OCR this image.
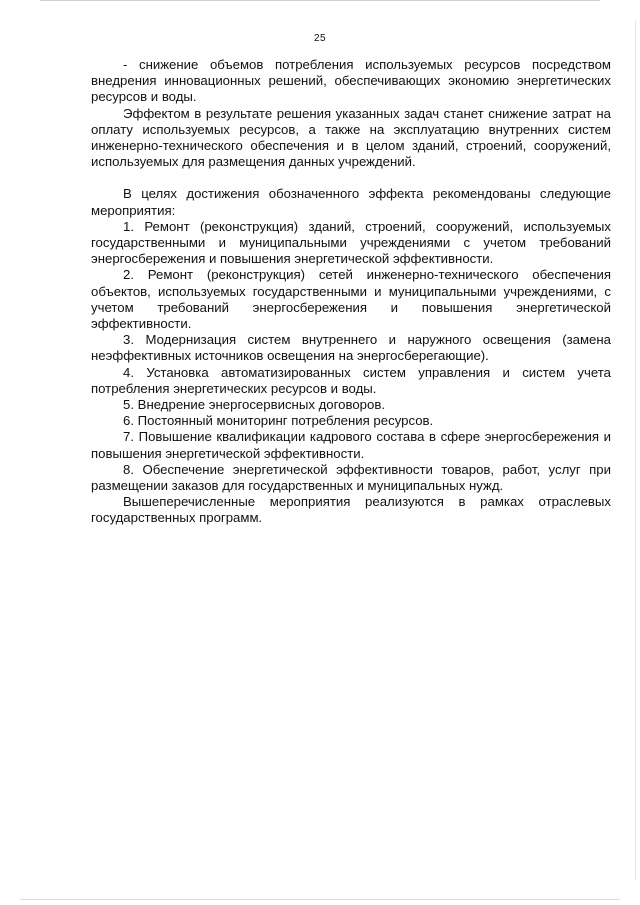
25

- снижение объемов потребления используемых ресурсов посредством внедрения инновационных решений, обеспечивающих экономию энергетических ресурсов и воды.

Эффектом в результате решения указанных задач станет снижение затрат на оплату используемых ресурсов, а также на эксплуатацию внутренних систем инженерно-технического обеспечения и в целом зданий, строений, сооружений, используемых для размещения данных учреждений.

В целях достижения обозначенного эффекта рекомендованы следующие мероприятия:

1. Ремонт (реконструкция) зданий, строений, сооружений, используемых государственными и муниципальными учреждениями с учетом требований энергосбережения и повышения энергетической эффективности.

2. Ремонт (реконструкция) сетей инженерно-технического обеспечения объектов, используемых государственными и муниципальными учреждениями, с учетом требований энергосбережения и повышения энергетической эффективности.

3. Модернизация систем внутреннего и наружного освещения (замена неэффективных источников освещения на энергосберегающие).

4. Установка автоматизированных систем управления и систем учета потребления энергетических ресурсов и воды.

5. Внедрение энергосервисных договоров.

6. Постоянный мониторинг потребления ресурсов.

7. Повышение квалификации кадрового состава в сфере энергосбережения и повышения энергетической эффективности.

8. Обеспечение энергетической эффективности товаров, работ, услуг при размещении заказов для государственных и муниципальных нужд.

Вышеперечисленные мероприятия реализуются в рамках отраслевых государственных программ.
